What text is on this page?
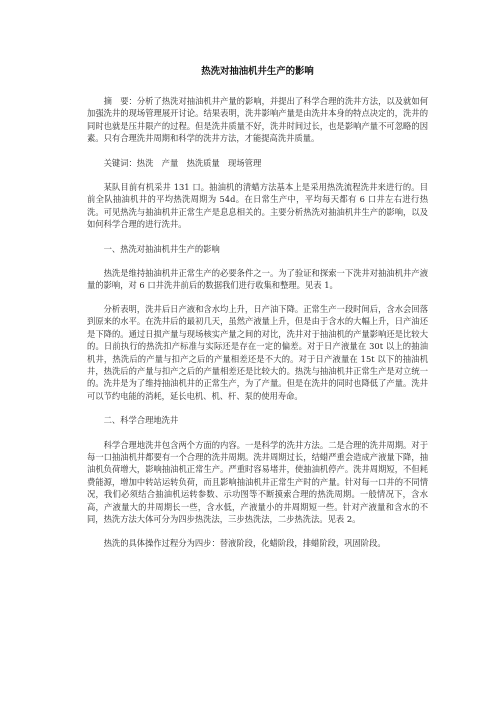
热洗对抽油机井生产的影响

摘　要：分析了热洗对抽油机井产量的影响，并提出了科学合理的洗井方法，以及就如何加强洗井的现场管理展开讨论。结果表明，洗井影响产量是由洗井本身的特点决定的，洗井的同时也就是压井限产的过程。但是洗井质量不好，洗井时间过长，也是影响产量不可忽略的因素。只有合理洗井周期和科学的洗井方法，才能提高洗井质量。

关键词：热洗　产量　热洗质量　现场管理

某队目前有机采井 131 口。抽油机的清蜡方法基本上是采用热洗流程洗井来进行的。目前全队抽油机井的平均热洗周期为 54d。在日常生产中，平均每天都有 6 口井左右进行热洗。可见热洗与抽油机井正常生产是息息相关的。主要分析热洗对抽油机井生产的影响，以及如何科学合理的进行洗井。

一、热洗对抽油机井生产的影响

热洗是维持抽油机井正常生产的必要条件之一。为了验证和探索一下洗井对抽油机井产液量的影响，对 6 口井洗井前后的数据我们进行收集和整理。见表 1。

分析表明，洗井后日产液和含水均上升，日产油下降。正常生产一段时间后，含水会回落到原来的水平。在洗井后的最初几天，虽然产液量上升，但是由于含水的大幅上升，日产油还是下降的。通过日损产量与现场核实产量之间的对比，洗井对于抽油机的产量影响还是比较大的。日前执行的热洗扣产标准与实际还是存在一定的偏差。对于日产液量在 30t 以上的抽油机井，热洗后的产量与扣产之后的产量相差还是不大的。对于日产液量在 15t 以下的抽油机井，热洗后的产量与扣产之后的产量相差还是比较大的。热洗与抽油机井正常生产是对立统一的。洗井是为了维持抽油机井的正常生产，为了产量。但是在洗井的同时也降低了产量。洗井可以节约电能的消耗，延长电机、机、杆、泵的使用寿命。

二、科学合理地洗井

科学合理地洗井包含两个方面的内容。一是科学的洗井方法。二是合理的洗井周期。对于每一口抽油机井都要有一个合理的洗井周期。洗井周期过长，结蜡严重会造成产液量下降，抽油机负荷增大，影响抽油机正常生产。严重时容易堵井，使抽油机停产。洗井周期短，不但耗费能源，增加中转站运转负荷，而且影响抽油机井正常生产时的产量。针对每一口井的不同情况，我们必须结合抽油机运转参数、示功图等不断摸索合理的热洗周期。一般情况下，含水高，产液量大的井周期长一些，含水低，产液量小的井周期短一些。针对产液量和含水的不同，热洗方法大体可分为四步热洗法，三步热洗法，二步热洗法。见表 2。

热洗的具体操作过程分为四步：替液阶段，化蜡阶段，排蜡阶段，巩固阶段。
